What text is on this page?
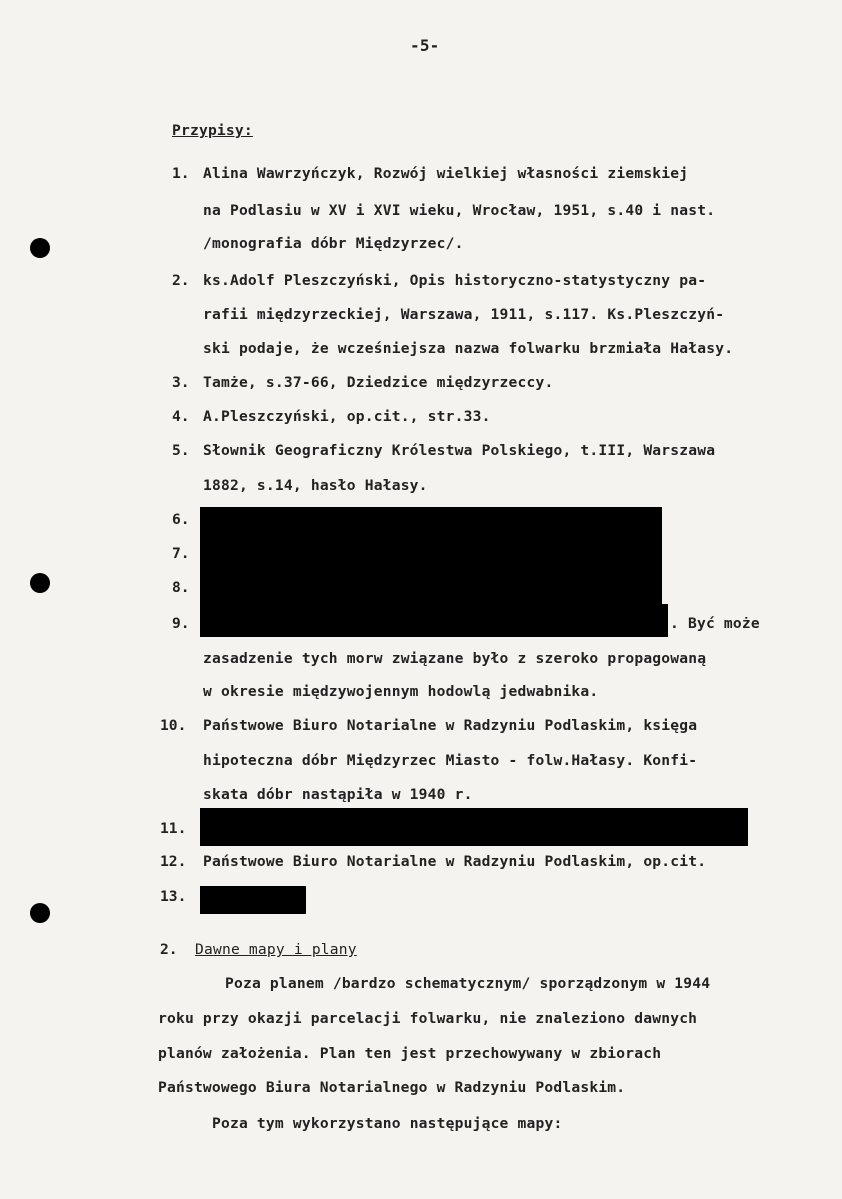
-5-
Przypisy:
1. Alina Wawrzyńczyk, Rozwój wielkiej własności ziemskiej
na Podlasiu w XV i XVI wieku, Wrocław, 1951, s.40 i nast.
/monografia dóbr Międzyrzec/.
2. ks.Adolf Pleszczyński, Opis historyczno-statystyczny pa-
rafii międzyrzeckiej, Warszawa, 1911, s.117. Ks.Pleszczyń-
ski podaje, że wcześniejsza nazwa folwarku brzmiała Hałasy.
3. Tamże, s.37-66, Dziedzice międzyrzeccy.
4. A.Pleszczyński, op.cit., str.33.
5. Słownik Geograficzny Królestwa Polskiego, t.III, Warszawa
1882, s.14, hasło Hałasy.
6.
7.
8.
9.	. Być może
zasadzenie tych morw związane było z szeroko propagowaną
w okresie międzywojennym hodowlą jedwabnika.
10. Państwowe Biuro Notarialne w Radzyniu Podlaskim, księga
hipoteczna dóbr Międzyrzec Miasto - folw.Hałasy. Konfi-
skata dóbr nastąpiła w 1940 r.
11.
12. Państwowe Biuro Notarialne w Radzyniu Podlaskim, op.cit.
13.
2. Dawne mapy i plany
Poza planem /bardzo schematycznym/ sporządzonym w 1944
roku przy okazji parcelacji folwarku, nie znaleziono dawnych
planów założenia. Plan ten jest przechowywany w zbiorach
Państwowego Biura Notarialnego w Radzyniu Podlaskim.
Poza tym wykorzystano następujące mapy:
